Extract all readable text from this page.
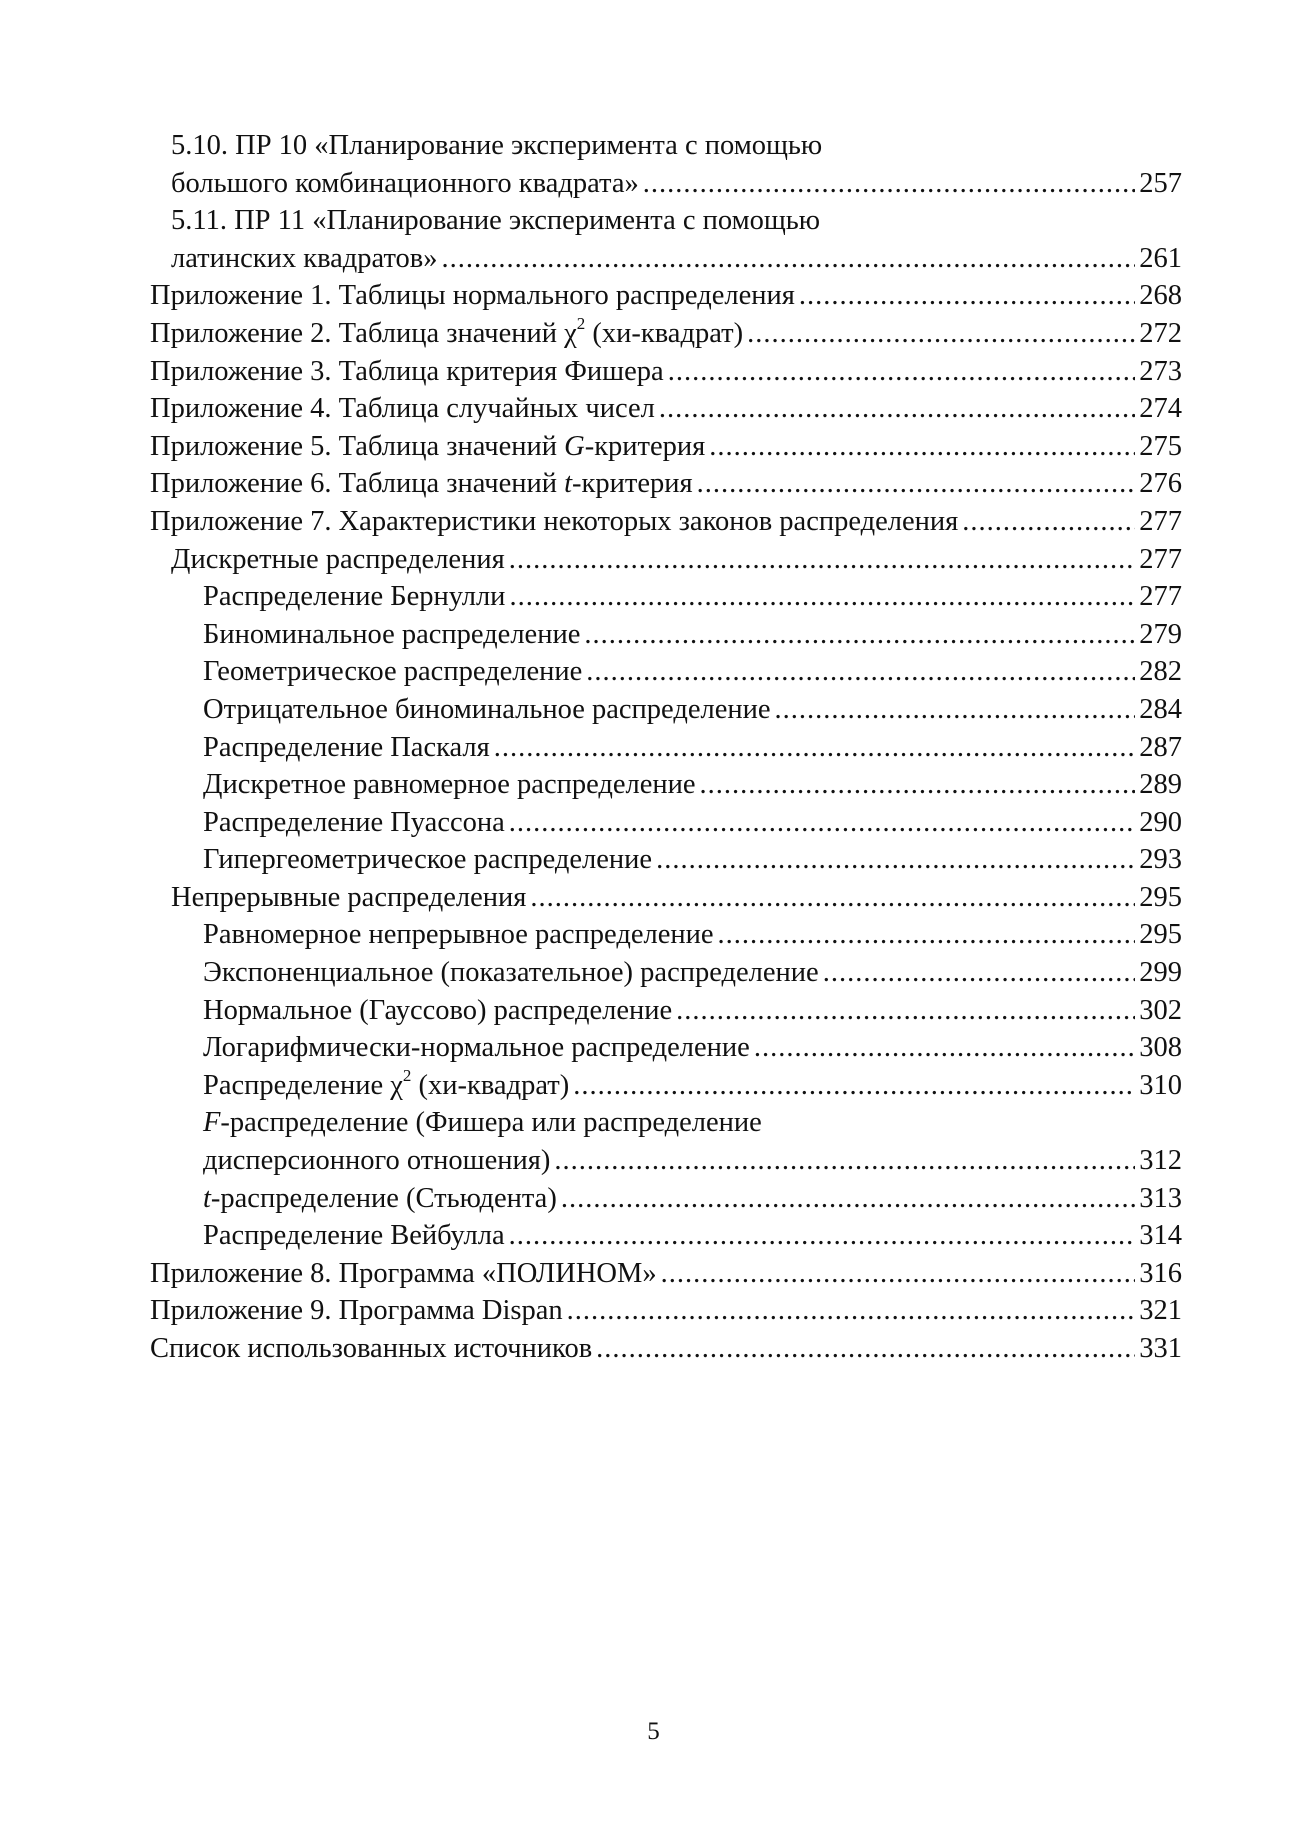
5.10. ПР 10 «Планирование эксперимента с помощью
большого комбинационного квадрата» .....	257
5.11. ПР 11 «Планирование эксперимента с помощью
латинских квадратов» .....	261
Приложение 1. Таблицы нормального распределения .....	268
Приложение 2. Таблица значений $\chi^2$ (хи-квадрат) .....	272
Приложение 3. Таблица критерия Фишера .....	273
Приложение 4. Таблица случайных чисел .....	274
Приложение 5. Таблица значений G-критерия .....	275
Приложение 6. Таблица значений t-критерия .....	276
Приложение 7. Характеристики некоторых законов распределения .....	277
Дискретные распределения .....	277
Распределение Бернулли .....	277
Биноминальное распределение .....	279
Геометрическое распределение .....	282
Отрицательное биноминальное распределение .....	284
Распределение Паскаля .....	287
Дискретное равномерное распределение .....	289
Распределение Пуассона .....	290
Гипергеометрическое распределение .....	293
Непрерывные распределения .....	295
Равномерное непрерывное распределение .....	295
Экспоненциальное (показательное) распределение .....	299
Нормальное (Гауссово) распределение .....	302
Логарифмически-нормальное распределение .....	308
Распределение $\chi^2$ (хи-квадрат) .....	310
F-распределение (Фишера или распределение
дисперсионного отношения) .....	312
t-распределение (Стьюдента) .....	313
Распределение Вейбулла .....	314
Приложение 8. Программа «ПОЛИНОМ» .....	316
Приложение 9. Программа Dispan .....	321
Список использованных источников .....	331
5
